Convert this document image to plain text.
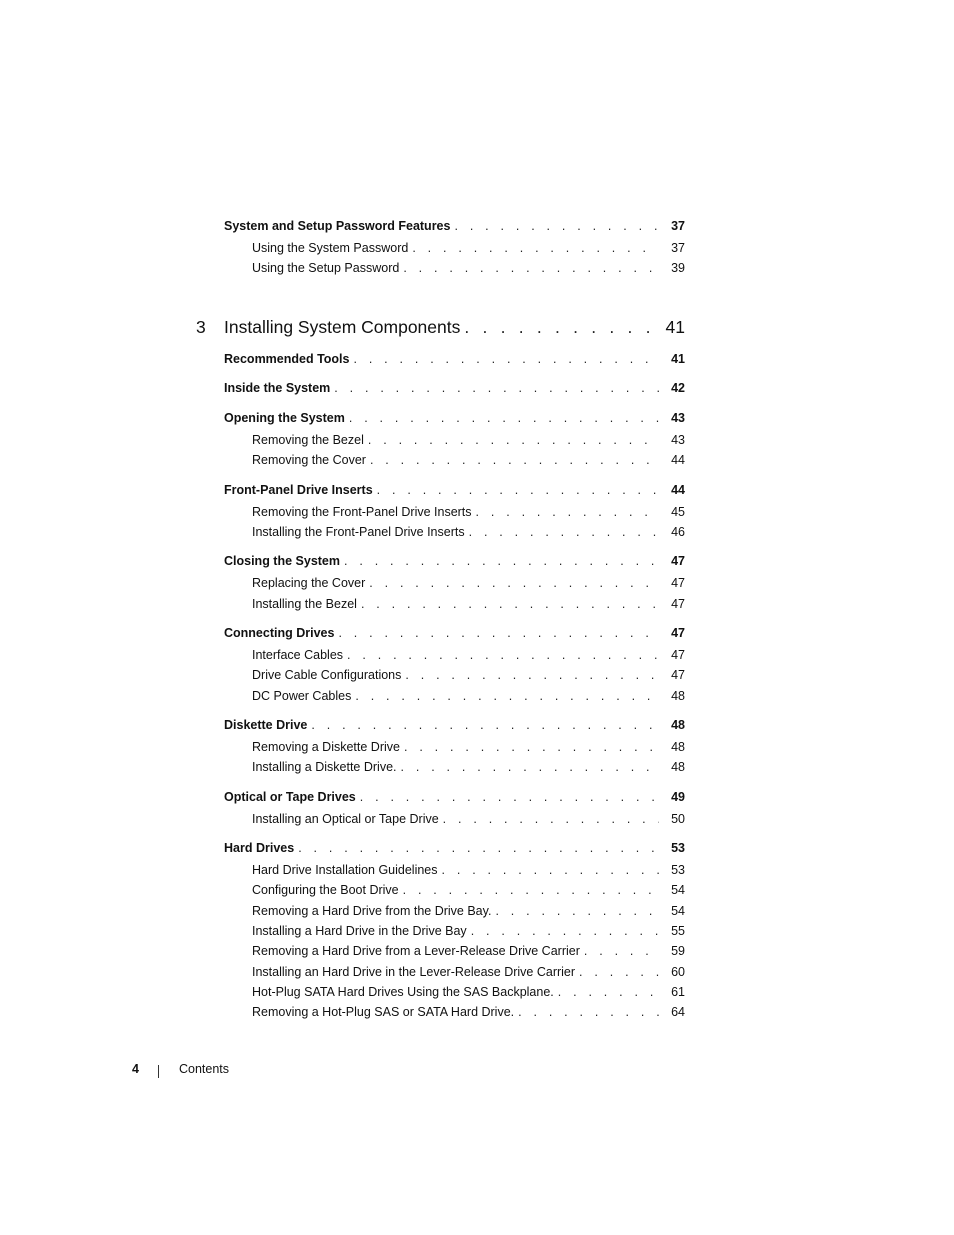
System and Setup Password Features . . .	37
Using the System Password . . .	37
Using the Setup Password . . .	39
3	Installing System Components . . .	41
Recommended Tools . . .	41
Inside the System . . .	42
Opening the System . . .	43
Removing the Bezel . . .	43
Removing the Cover . . .	44
Front-Panel Drive Inserts . . .	44
Removing the Front-Panel Drive Inserts . . .	45
Installing the Front-Panel Drive Inserts . . .	46
Closing the System . . .	47
Replacing the Cover . . .	47
Installing the Bezel . . .	47
Connecting Drives . . .	47
Interface Cables . . .	47
Drive Cable Configurations . . .	47
DC Power Cables . . .	48
Diskette Drive . . .	48
Removing a Diskette Drive . . .	48
Installing a Diskette Drive. . . .	48
Optical or Tape Drives . . .	49
Installing an Optical or Tape Drive . . .	50
Hard Drives . . .	53
Hard Drive Installation Guidelines . . .	53
Configuring the Boot Drive . . .	54
Removing a Hard Drive from the Drive Bay. . . .	54
Installing a Hard Drive in the Drive Bay . . .	55
Removing a Hard Drive from a Lever-Release Drive Carrier . . .	59
Installing an Hard Drive in the Lever-Release Drive Carrier . . .	60
Hot-Plug SATA Hard Drives Using the SAS Backplane. . . .	61
Removing a Hot-Plug SAS or SATA Hard Drive. . . .	64
4	Contents
